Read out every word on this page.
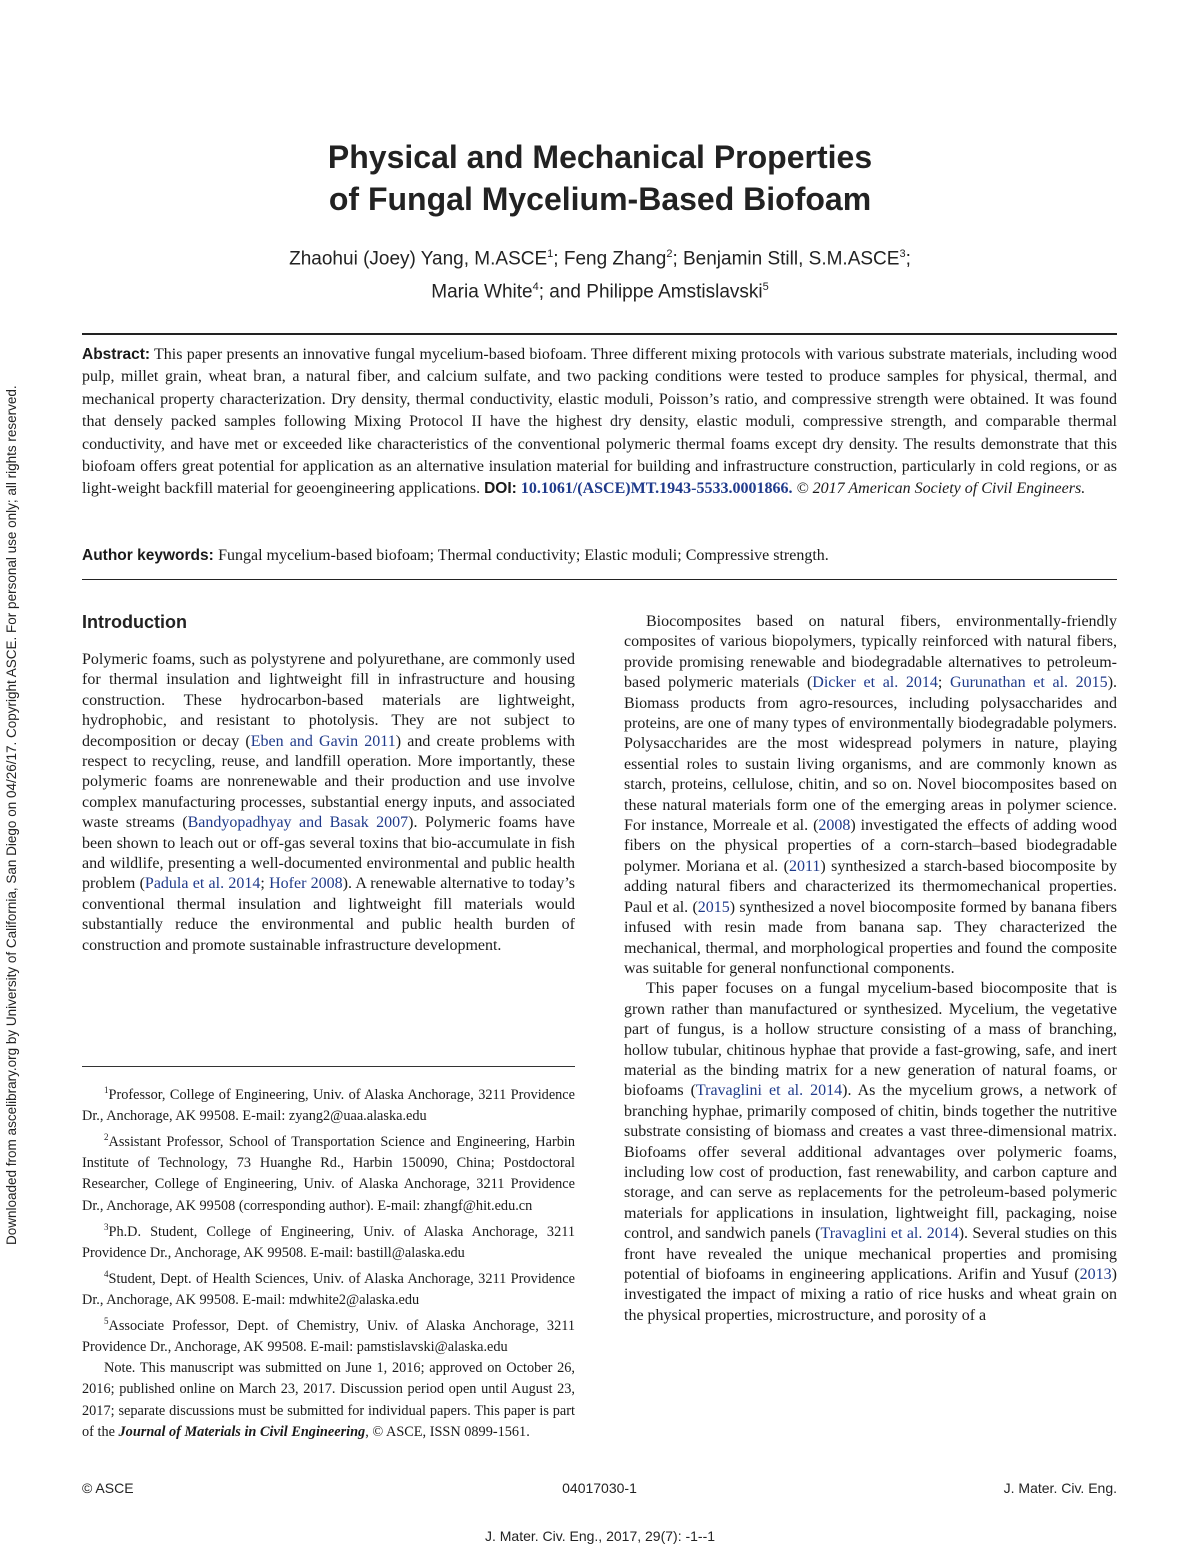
Downloaded from ascelibrary.org by University of California, San Diego on 04/26/17. Copyright ASCE. For personal use only; all rights reserved.
Physical and Mechanical Properties
of Fungal Mycelium-Based Biofoam
Zhaohui (Joey) Yang, M.ASCE$^1$; Feng Zhang$^2$; Benjamin Still, S.M.ASCE$^3$;
Maria White$^4$; and Philippe Amstislavski$^5$
Abstract: This paper presents an innovative fungal mycelium-based biofoam. Three different mixing protocols with various substrate materials, including wood pulp, millet grain, wheat bran, a natural fiber, and calcium sulfate, and two packing conditions were tested to produce samples for physical, thermal, and mechanical property characterization. Dry density, thermal conductivity, elastic moduli, Poisson’s ratio, and compressive strength were obtained. It was found that densely packed samples following Mixing Protocol II have the highest dry density, elastic moduli, compressive strength, and comparable thermal conductivity, and have met or exceeded like characteristics of the conventional polymeric thermal foams except dry density. The results demonstrate that this biofoam offers great potential for application as an alternative insulation material for building and infrastructure construction, particularly in cold regions, or as light-weight backfill material for geoengineering applications. DOI: 10.1061/(ASCE)MT.1943-5533.0001866. © 2017 American Society of Civil Engineers.
Author keywords: Fungal mycelium-based biofoam; Thermal conductivity; Elastic moduli; Compressive strength.
Introduction

Polymeric foams, such as polystyrene and polyurethane, are commonly used for thermal insulation and lightweight fill in infrastructure and housing construction. These hydrocarbon-based materials are lightweight, hydrophobic, and resistant to photolysis. They are not subject to decomposition or decay (Eben and Gavin 2011) and create problems with respect to recycling, reuse, and landfill operation. More importantly, these polymeric foams are nonrenewable and their production and use involve complex manufacturing processes, substantial energy inputs, and associated waste streams (Bandyopadhyay and Basak 2007). Polymeric foams have been shown to leach out or off-gas several toxins that bio-accumulate in fish and wildlife, presenting a well-documented environmental and public health problem (Padula et al. 2014; Hofer 2008). A renewable alternative to today’s conventional thermal insulation and lightweight fill materials would substantially reduce the environmental and public health burden of construction and promote sustainable infrastructure development.

Biocomposites based on natural fibers, environmentally-friendly composites of various biopolymers, typically reinforced with natural fibers, provide promising renewable and biodegradable alternatives to petroleum-based polymeric materials (Dicker et al. 2014; Gurunathan et al. 2015). Biomass products from agro-resources, including polysaccharides and proteins, are one of many types of environmentally biodegradable polymers. Polysaccharides are the most widespread polymers in nature, playing essential roles to sustain living organisms, and are commonly known as starch, proteins, cellulose, chitin, and so on. Novel biocomposites based on these natural materials form one of the emerging areas in polymer science. For instance, Morreale et al. (2008) investigated the effects of adding wood fibers on the physical properties of a corn-starch–based biodegradable polymer. Moriana et al. (2011) synthesized a starch-based biocomposite by adding natural fibers and characterized its thermomechanical properties. Paul et al. (2015) synthesized a novel biocomposite formed by banana fibers infused with resin made from banana sap. They characterized the mechanical, thermal, and morphological properties and found the composite was suitable for general nonfunctional components.

This paper focuses on a fungal mycelium-based biocomposite that is grown rather than manufactured or synthesized. Mycelium, the vegetative part of fungus, is a hollow structure consisting of a mass of branching, hollow tubular, chitinous hyphae that provide a fast-growing, safe, and inert material as the binding matrix for a new generation of natural foams, or biofoams (Travaglini et al. 2014). As the mycelium grows, a network of branching hyphae, primarily composed of chitin, binds together the nutritive substrate consisting of biomass and creates a vast three-dimensional matrix. Biofoams offer several additional advantages over polymeric foams, including low cost of production, fast renewability, and carbon capture and storage, and can serve as replacements for the petroleum-based polymeric materials for applications in insulation, lightweight fill, packaging, noise control, and sandwich panels (Travaglini et al. 2014). Several studies on this front have revealed the unique mechanical properties and promising potential of biofoams in engineering applications. Arifin and Yusuf (2013) investigated the impact of mixing a ratio of rice husks and wheat grain on the physical properties, microstructure, and porosity of a

$^1$Professor, College of Engineering, Univ. of Alaska Anchorage, 3211 Providence Dr., Anchorage, AK 99508. E-mail: zyang2@uaa.alaska.edu

$^2$Assistant Professor, School of Transportation Science and Engineering, Harbin Institute of Technology, 73 Huanghe Rd., Harbin 150090, China; Postdoctoral Researcher, College of Engineering, Univ. of Alaska Anchorage, 3211 Providence Dr., Anchorage, AK 99508 (corresponding author). E-mail: zhangf@hit.edu.cn

$^3$Ph.D. Student, College of Engineering, Univ. of Alaska Anchorage, 3211 Providence Dr., Anchorage, AK 99508. E-mail: bastill@alaska.edu

$^4$Student, Dept. of Health Sciences, Univ. of Alaska Anchorage, 3211 Providence Dr., Anchorage, AK 99508. E-mail: mdwhite2@alaska.edu

$^5$Associate Professor, Dept. of Chemistry, Univ. of Alaska Anchorage, 3211 Providence Dr., Anchorage, AK 99508. E-mail: pamstislavski@alaska.edu

Note. This manuscript was submitted on June 1, 2016; approved on October 26, 2016; published online on March 23, 2017. Discussion period open until August 23, 2017; separate discussions must be submitted for individual papers. This paper is part of the Journal of Materials in Civil Engineering, © ASCE, ISSN 0899-1561.

04017030-1
© ASCE	J. Mater. Civ. Eng.
J. Mater. Civ. Eng., 2017, 29(7): -1--1
